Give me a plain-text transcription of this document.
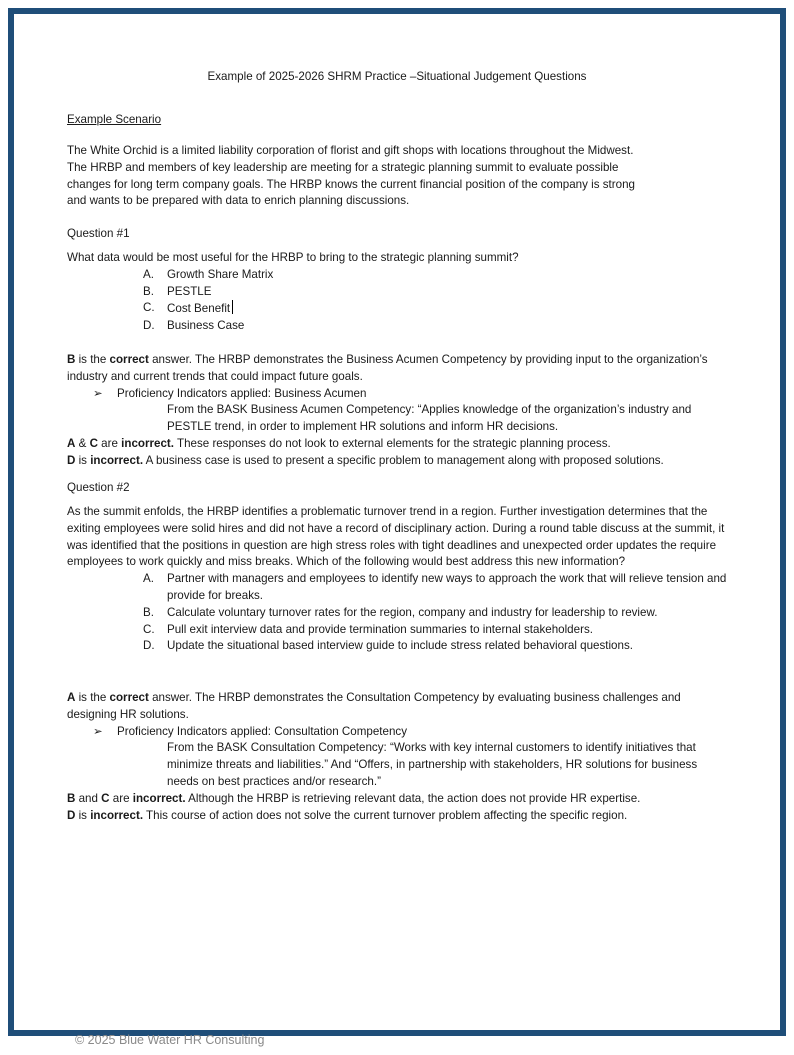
Example of 2025-2026 SHRM Practice –Situational Judgement Questions
Example Scenario
The White Orchid is a limited liability corporation of florist and gift shops with locations throughout the Midwest. The HRBP and members of key leadership are meeting for a strategic planning summit to evaluate possible changes for long term company goals. The HRBP knows the current financial position of the company is strong and wants to be prepared with data to enrich planning discussions.
Question #1
What data would be most useful for the HRBP to bring to the strategic planning summit?
A. Growth Share Matrix
B. PESTLE
C. Cost Benefit
D. Business Case
B is the correct answer. The HRBP demonstrates the Business Acumen Competency by providing input to the organization’s industry and current trends that could impact future goals.
➢ Proficiency Indicators applied: Business Acumen
From the BASK Business Acumen Competency: “Applies knowledge of the organization’s industry and PESTLE trend, in order to implement HR solutions and inform HR decisions.
A & C are incorrect. These responses do not look to external elements for the strategic planning process.
D is incorrect. A business case is used to present a specific problem to management along with proposed solutions.
Question #2
As the summit enfolds, the HRBP identifies a problematic turnover trend in a region. Further investigation determines that the exiting employees were solid hires and did not have a record of disciplinary action. During a round table discuss at the summit, it was identified that the positions in question are high stress roles with tight deadlines and unexpected order updates the require employees to work quickly and miss breaks. Which of the following would best address this new information?
A. Partner with managers and employees to identify new ways to approach the work that will relieve tension and provide for breaks.
B. Calculate voluntary turnover rates for the region, company and industry for leadership to review.
C. Pull exit interview data and provide termination summaries to internal stakeholders.
D. Update the situational based interview guide to include stress related behavioral questions.
A is the correct answer. The HRBP demonstrates the Consultation Competency by evaluating business challenges and designing HR solutions.
➢ Proficiency Indicators applied: Consultation Competency
From the BASK Consultation Competency: “Works with key internal customers to identify initiatives that minimize threats and liabilities.” And “Offers, in partnership with stakeholders, HR solutions for business needs on best practices and/or research.”
B and C are incorrect. Although the HRBP is retrieving relevant data, the action does not provide HR expertise.
D is incorrect. This course of action does not solve the current turnover problem affecting the specific region.
© 2025 Blue Water HR Consulting
